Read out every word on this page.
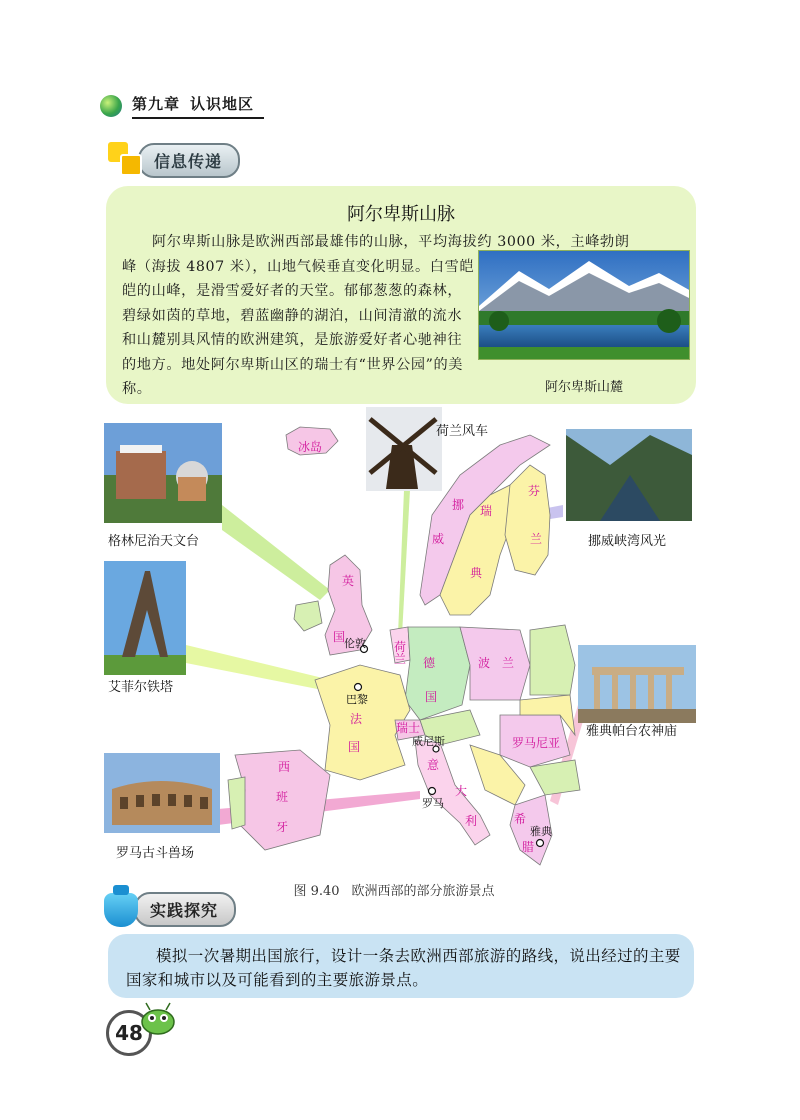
第九章 认识地区
信息传递
阿尔卑斯山脉
阿尔卑斯山脉是欧洲西部最雄伟的山脉，平均海拔约 3000 米，主峰勃朗
峰（海拔 4807 米），山地气候垂直变化明显。白雪皑皑的山峰，是滑雪爱好者的天堂。郁郁葱葱的森林，碧绿如茵的草地，碧蓝幽静的湖泊，山间清澈的流水和山麓别具风情的欧洲建筑，是旅游爱好者心驰神往的地方。地处阿尔卑斯山区的瑞士有“世界公园”的美称。	阿尔卑斯山麓
冰岛
挪
威
瑞
典
芬
兰
英
国
荷
兰 德
国
波 兰
法
国
瑞士
罗马尼亚
西
班
牙
意
大
利	希
腊
伦敦
巴黎
威尼斯
罗马
雅典
格林尼治天文台
荷兰风车
挪威峡湾风光
艾菲尔铁塔
雅典帕台农神庙
罗马古斗兽场
图 9.40 欧洲西部的部分旅游景点
实践探究
模拟一次暑期出国旅行，设计一条去欧洲西部旅游的路线，说出经过的主要国家和城市以及可能看到的主要旅游景点。
48
